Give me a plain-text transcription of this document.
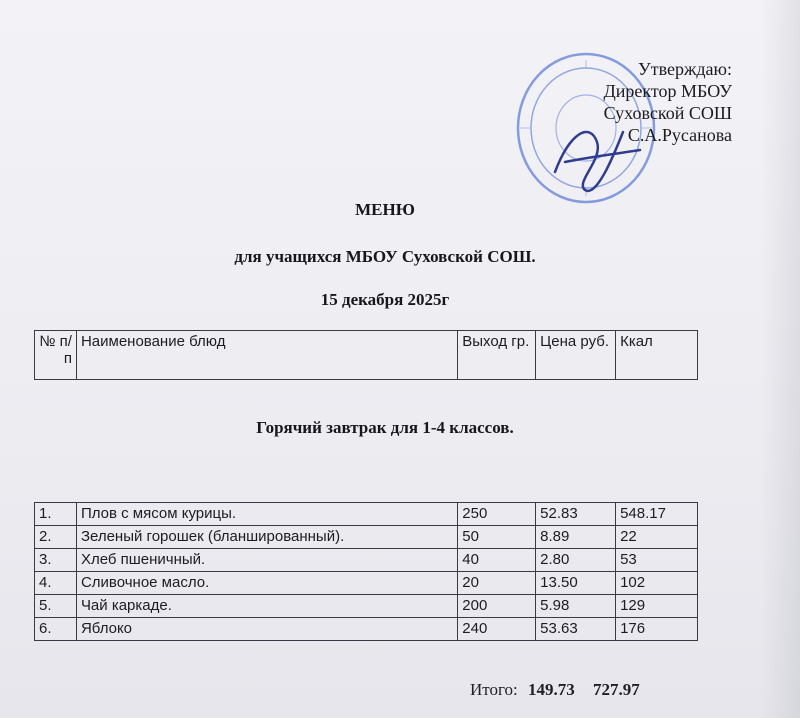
Утверждаю:
Директор МБОУ
Суховской СОШ
С.А.Русанова
МЕНЮ
для учащихся МБОУ Суховской СОШ.
15 декабря 2025г
№ п/п	Наименование блюд	Выход гр.	Цена руб.	Ккал
Горячий завтрак для 1-4 классов.
1.	Плов с мясом курицы.	250	52.83	548.17
2.	Зеленый горошек (бланшированный).	50	8.89	22
3.	Хлеб пшеничный.	40	2.80	53
4.	Сливочное масло.	20	13.50	102
5.	Чай каркаде.	200	5.98	129
6.	Яблоко	240	53.63	176
Итого: 149.73 727.97
